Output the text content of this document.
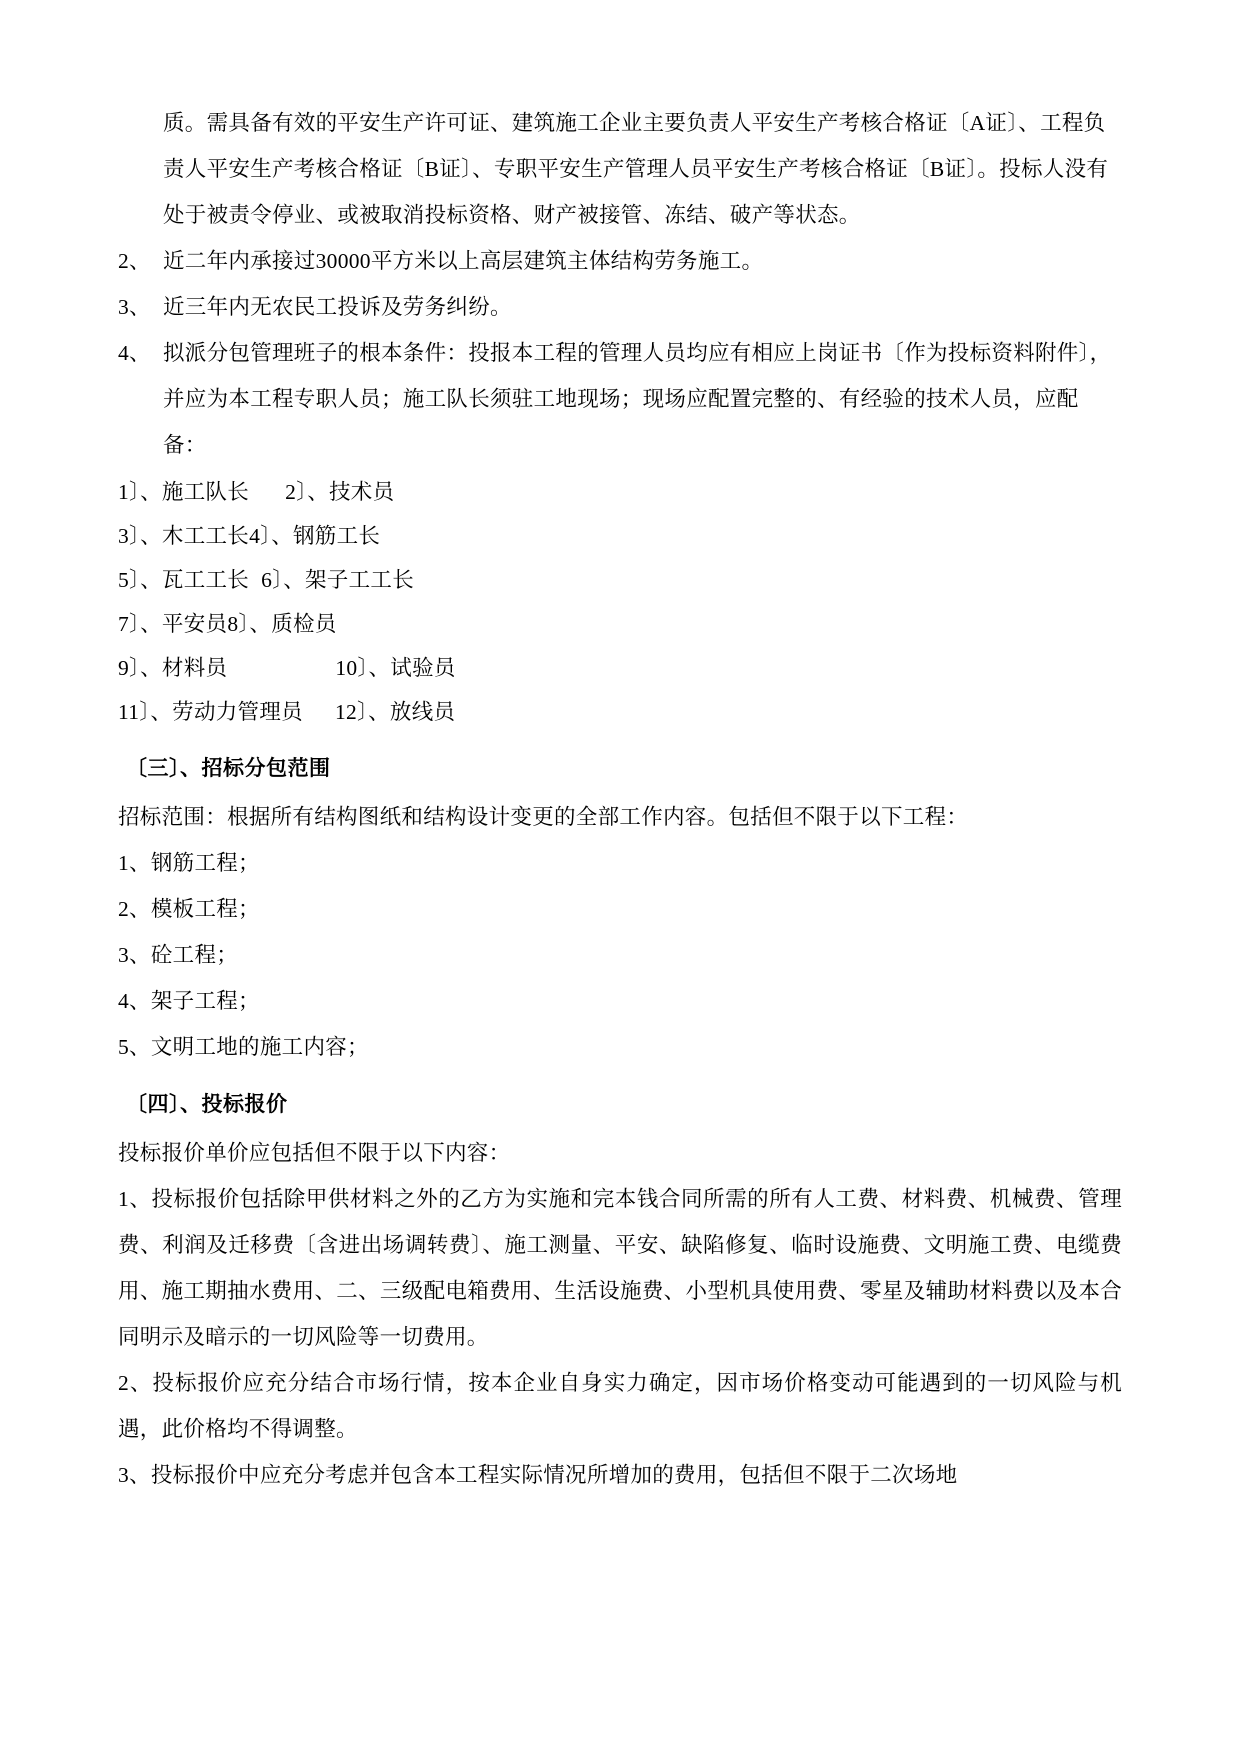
质。需具备有效的平安生产许可证、建筑施工企业主要负责人平安生产考核合格证〔A证〕、工程负责人平安生产考核合格证〔B证〕、专职平安生产管理人员平安生产考核合格证〔B证〕。投标人没有处于被责令停业、或被取消投标资格、财产被接管、冻结、破产等状态。
2、 近二年内承接过30000平方米以上高层建筑主体结构劳务施工。
3、 近三年内无农民工投诉及劳务纠纷。
4、 拟派分包管理班子的根本条件：投报本工程的管理人员均应有相应上岗证书〔作为投标资料附件〕，并应为本工程专职人员；施工队长须驻工地现场；现场应配置完整的、有经验的技术人员，应配备：
1〕、施工队长 2〕、技术员
3〕、木工工长 4〕、钢筋工长
5〕、瓦工工长 6〕、架子工工长
7〕、平安员 8〕、质检员
9〕、材料员	10〕、试验员
11〕、劳动力管理员 12〕、放线员
〔三〕、招标分包范围
招标范围：根据所有结构图纸和结构设计变更的全部工作内容。包括但不限于以下工程：
1、钢筋工程；
2、模板工程；
3、砼工程；
4、架子工程；
5、文明工地的施工内容；
〔四〕、投标报价
投标报价单价应包括但不限于以下内容：
1、投标报价包括除甲供材料之外的乙方为实施和完本钱合同所需的所有人工费、材料费、机械费、管理费、利润及迁移费〔含进出场调转费〕、施工测量、平安、缺陷修复、临时设施费、文明施工费、电缆费用、施工期抽水费用、二、三级配电箱费用、生活设施费、小型机具使用费、零星及辅助材料费以及本合同明示及暗示的一切风险等一切费用。
2、投标报价应充分结合市场行情，按本企业自身实力确定，因市场价格变动可能遇到的一切风险与机遇，此价格均不得调整。
3、投标报价中应充分考虑并包含本工程实际情况所增加的费用，包括但不限于二次场地
